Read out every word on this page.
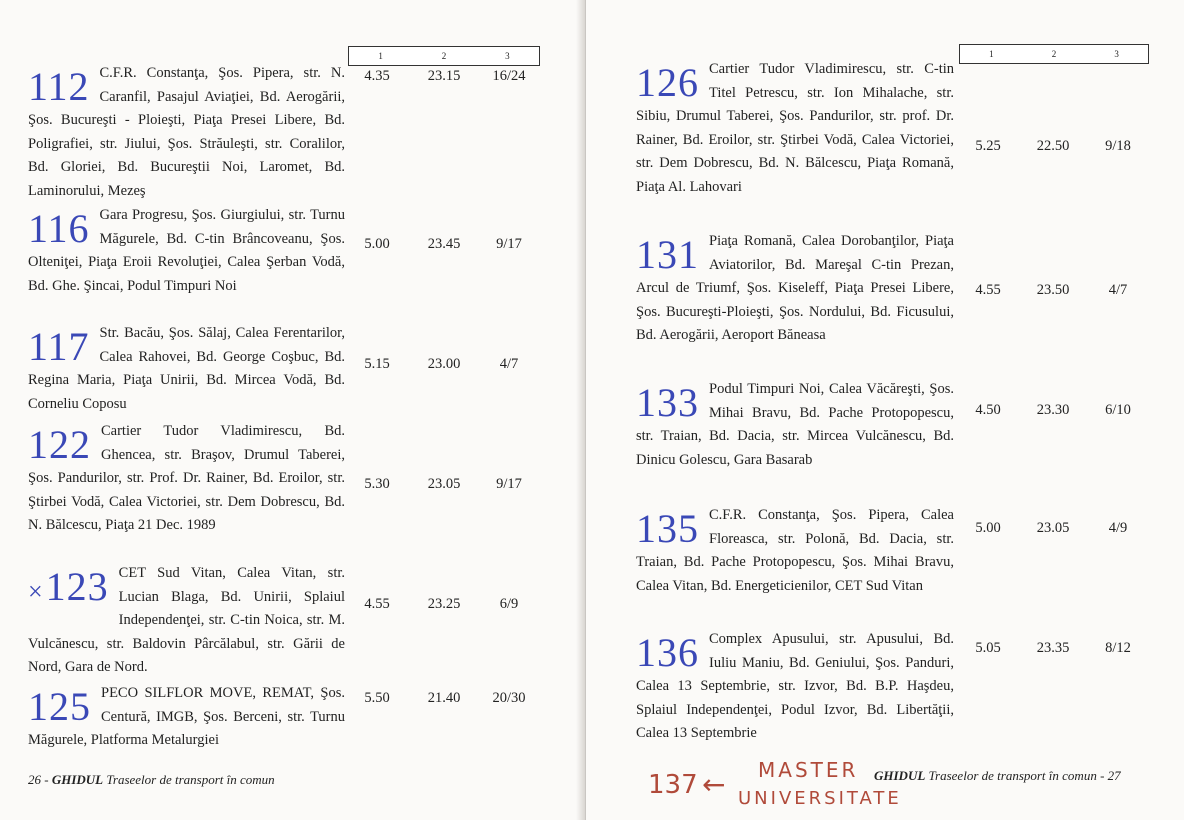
1	2	3

112 C.F.R. Constanţa, Şos. Pipera, str. N. Caranfil, Pasajul Aviaţiei, Bd. Aerogării, Şos. Bucureşti - Ploieşti, Piaţa Presei Libere, Bd. Poligrafiei, str. Jiului, Şos. Străuleşti, str. Coralilor, Bd. Gloriei, Bd. Bucureştii Noi, Laromet, Bd. Laminorului, Mezeş

4.35	23.15	16/24

116 Gara Progresu, Şos. Giurgiului, str. Turnu Măgurele, Bd. C-tin Brâncoveanu, Şos. Olteniţei, Piaţa Eroii Revoluţiei, Calea Şerban Vodă, Bd. Ghe. Şincai, Podul Timpuri Noi

5.00	23.45	9/17

117 Str. Bacău, Şos. Sălaj, Calea Ferentarilor, Calea Rahovei, Bd. George Coşbuc, Bd. Regina Maria, Piaţa Unirii, Bd. Mircea Vodă, Bd. Corneliu Coposu

5.15	23.00	4/7

122 Cartier Tudor Vladimirescu, Bd. Ghencea, str. Braşov, Drumul Taberei, Şos. Pandurilor, str. Prof. Dr. Rainer, Bd. Eroilor, str. Ştirbei Vodă, Calea Victoriei, str. Dem Dobrescu, Bd. N. Bălcescu, Piaţa 21 Dec. 1989

5.30	23.05	9/17

×123 CET Sud Vitan, Calea Vitan, str. Lucian Blaga, Bd. Unirii, Splaiul Independenţei, str. C-tin Noica, str. M. Vulcănescu, str. Baldovin Pârcălabul, str. Gării de Nord, Gara de Nord.

4.55	23.25	6/9

125 PECO SILFLOR MOVE, REMAT, Şos. Centură, IMGB, Şos. Berceni, str. Turnu Măgurele, Platforma Metalurgiei

5.50	21.40	20/30
26 - GHIDUL Traseelor de transport în comun
1	2	3

126 Cartier Tudor Vladimirescu, str. C-tin Titel Petrescu, str. Ion Mihalache, str. Sibiu, Drumul Taberei, Şos. Pandurilor, str. prof. Dr. Rainer, Bd. Eroilor, str. Ştirbei Vodă, Calea Victoriei, str. Dem Dobrescu, Bd. N. Bălcescu, Piaţa Romană, Piaţa Al. Lahovari

5.25	22.50	9/18

131 Piaţa Romană, Calea Dorobanţilor, Piaţa Aviatorilor, Bd. Mareşal C-tin Prezan, Arcul de Triumf, Şos. Kiseleff, Piaţa Presei Libere, Şos. Bucureşti-Ploieşti, Şos. Nordului, Bd. Ficusului, Bd. Aerogării, Aeroport Băneasa

4.55	23.50	4/7

133 Podul Timpuri Noi, Calea Văcăreşti, Şos. Mihai Bravu, Bd. Pache Protopopescu, str. Traian, Bd. Dacia, str. Mircea Vulcănescu, Bd. Dinicu Golescu, Gara Basarab

4.50	23.30	6/10

135 C.F.R. Constanţa, Şos. Pipera, Calea Floreasca, str. Polonă, Bd. Dacia, str. Traian, Bd. Pache Protopopescu, Şos. Mihai Bravu, Calea Vitan, Bd. Energeticienilor, CET Sud Vitan

5.00	23.05	4/9

136 Complex Apusului, str. Apusului, Bd. Iuliu Maniu, Bd. Geniului, Şos. Panduri, Calea 13 Septembrie, str. Izvor, Bd. B.P. Haşdeu, Splaiul Independenţei, Podul Izvor, Bd. Libertăţii, Calea 13 Septembrie

5.05	23.35	8/12
137 ← MASTER
UNIVERSITATE
GHIDUL Traseelor de transport în comun - 27
